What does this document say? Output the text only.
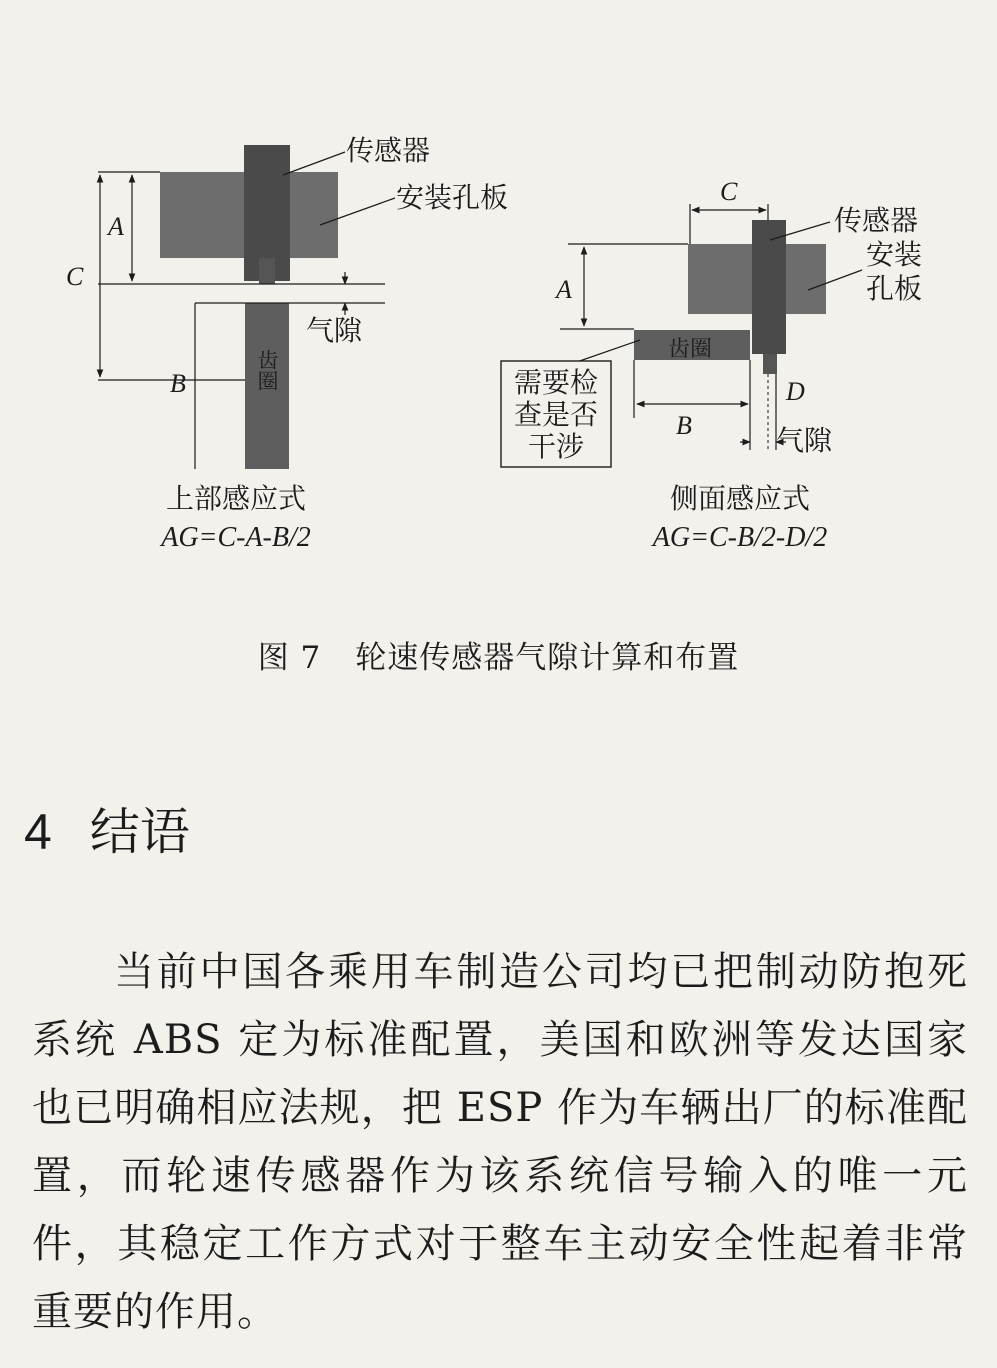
齿圈
A
C
B
传感器
安装孔板
气隙
上部感应式
AG=C-A-B/2
齿圈
C
A
B
D
传感器
安装
孔板
气隙
需要检
查是否
干涉
侧面感应式
AG=C-B/2-D/2
图 7 轮速传感器气隙计算和布置
4 结语

当前中国各乘用车制造公司均已把制动防抱死系统 ABS 定为标准配置，美国和欧洲等发达国家也已明确相应法规，把 ESP 作为车辆出厂的标准配置，而轮速传感器作为该系统信号输入的唯一元件，其稳定工作方式对于整车主动安全性起着非常重要的作用。
